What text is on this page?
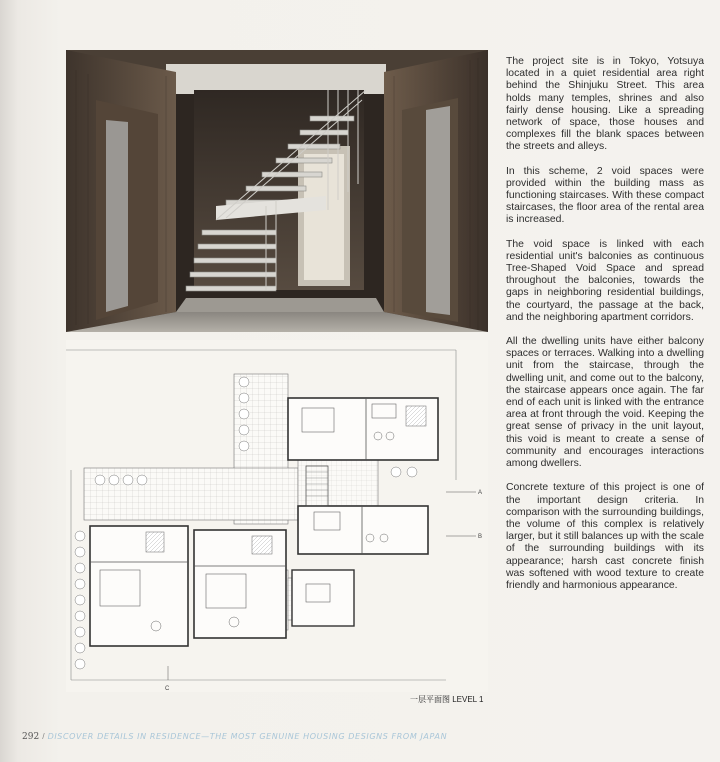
A
B
C
一层平面图 LEVEL 1

The project site is in Tokyo, Yotsuya located in a quiet residential area right behind the Shinjuku Street. This area holds many temples, shrines and also fairly dense housing. Like a spreading network of space, those houses and complexes fill the blank spaces between the streets and alleys.

In this scheme, 2 void spaces were provided within the building mass as functioning staircases. With these compact staircases, the floor area of the rental area is increased.

The void space is linked with each residential unit's balconies as continuous Tree-Shaped Void Space and spread throughout the balconies, towards the gaps in neighboring residential buildings, the courtyard, the passage at the back, and the neighboring apartment corridors.

All the dwelling units have either balcony spaces or terraces. Walking into a dwelling unit from the staircase, through the dwelling unit, and come out to the balcony, the staircase appears once again. The far end of each unit is linked with the entrance area at front through the void. Keeping the great sense of privacy in the unit layout, this void is meant to create a sense of community and encourages interactions among dwellers.

Concrete texture of this project is one of the important design criteria. In comparison with the surrounding buildings, the volume of this complex is relatively larger, but it still balances up with the scale of the surrounding buildings with its appearance; harsh cast concrete finish was softened with wood texture to create friendly and harmonious appearance.

292 / DISCOVER DETAILS IN RESIDENCE—THE MOST GENUINE HOUSING DESIGNS FROM JAPAN
